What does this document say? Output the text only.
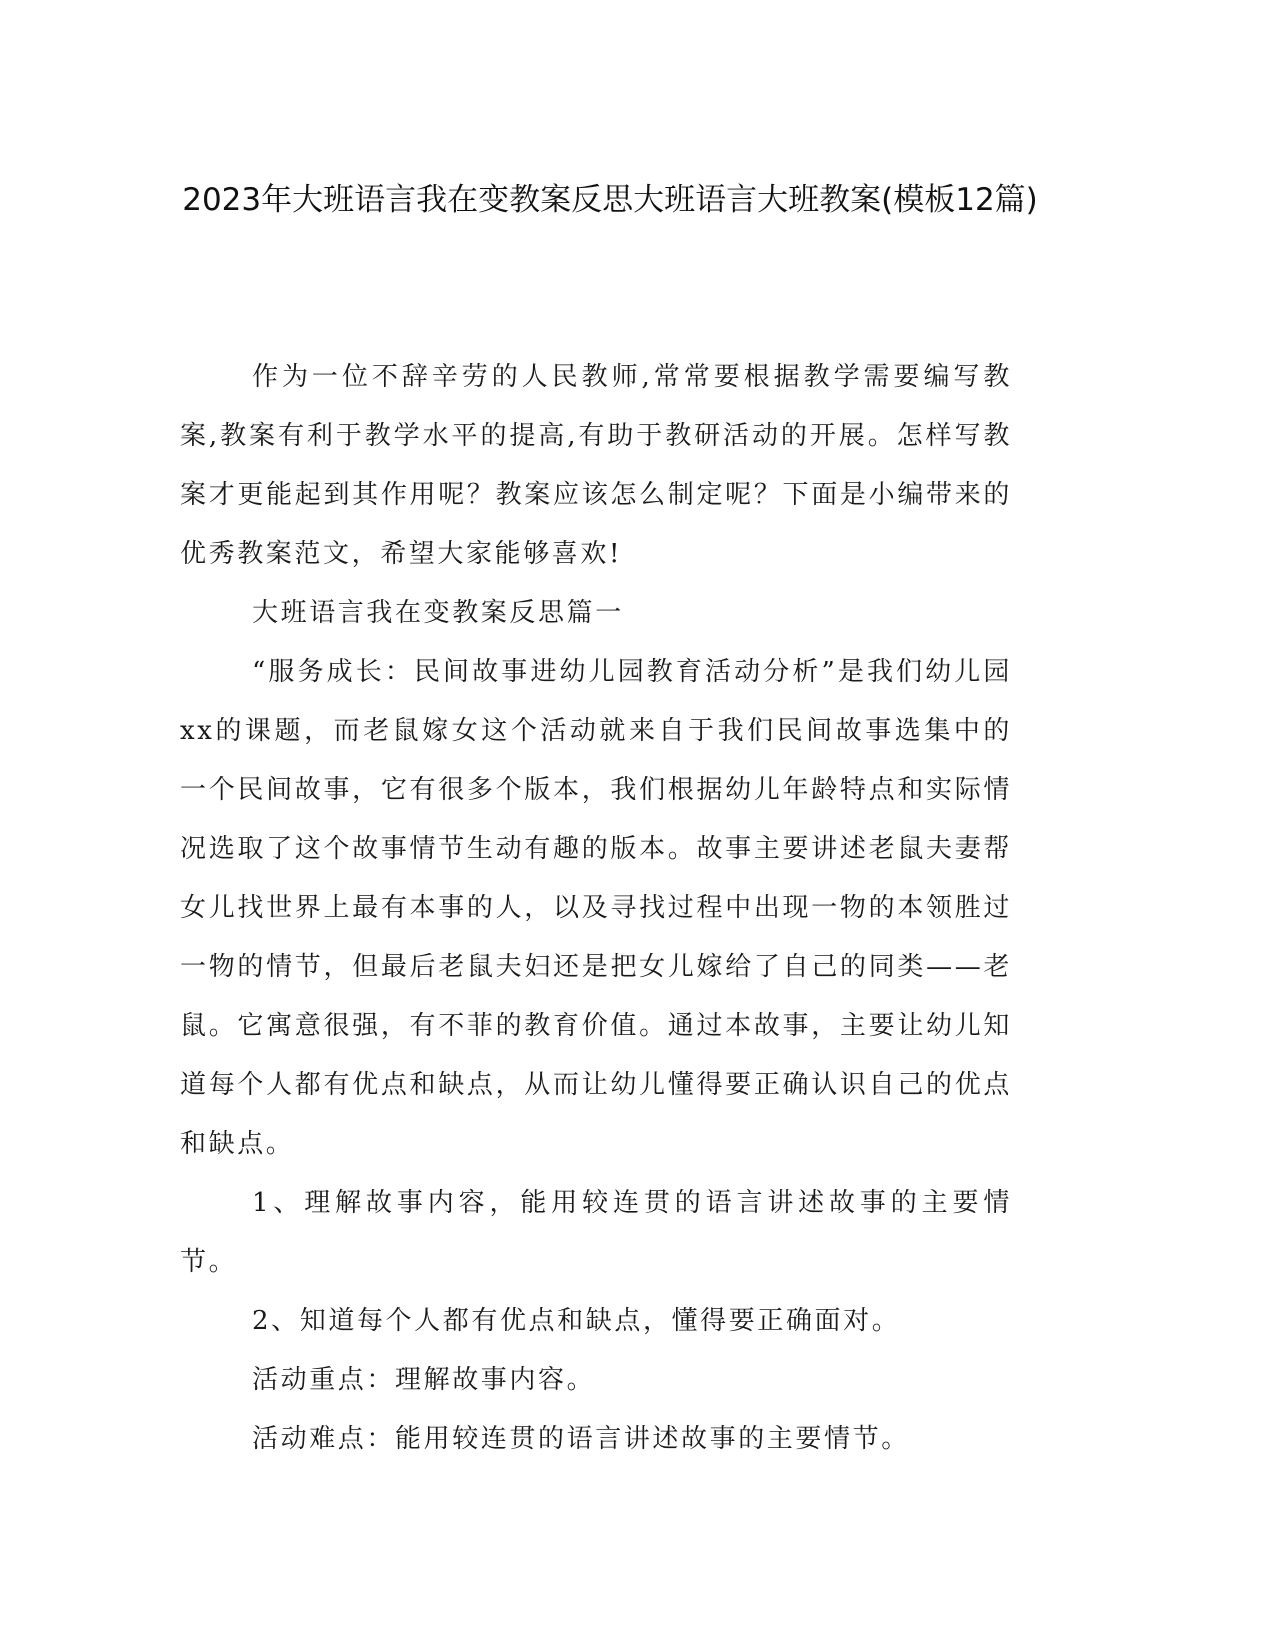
2023年大班语言我在变教案反思大班语言大班教案(模板12篇)

作为一位不辞辛劳的人民教师,常常要根据教学需要编写教案,教案有利于教学水平的提高,有助于教研活动的开展。怎样写教案才更能起到其作用呢？教案应该怎么制定呢？下面是小编带来的优秀教案范文，希望大家能够喜欢!

大班语言我在变教案反思篇一

“服务成长：民间故事进幼儿园教育活动分析”是我们幼儿园xx的课题，而老鼠嫁女这个活动就来自于我们民间故事选集中的一个民间故事，它有很多个版本，我们根据幼儿年龄特点和实际情况选取了这个故事情节生动有趣的版本。故事主要讲述老鼠夫妻帮女儿找世界上最有本事的人，以及寻找过程中出现一物的本领胜过一物的情节，但最后老鼠夫妇还是把女儿嫁给了自己的同类——老鼠。它寓意很强，有不菲的教育价值。通过本故事，主要让幼儿知道每个人都有优点和缺点，从而让幼儿懂得要正确认识自己的优点和缺点。

1、理解故事内容，能用较连贯的语言讲述故事的主要情节。

2、知道每个人都有优点和缺点，懂得要正确面对。

活动重点：理解故事内容。

活动难点：能用较连贯的语言讲述故事的主要情节。
